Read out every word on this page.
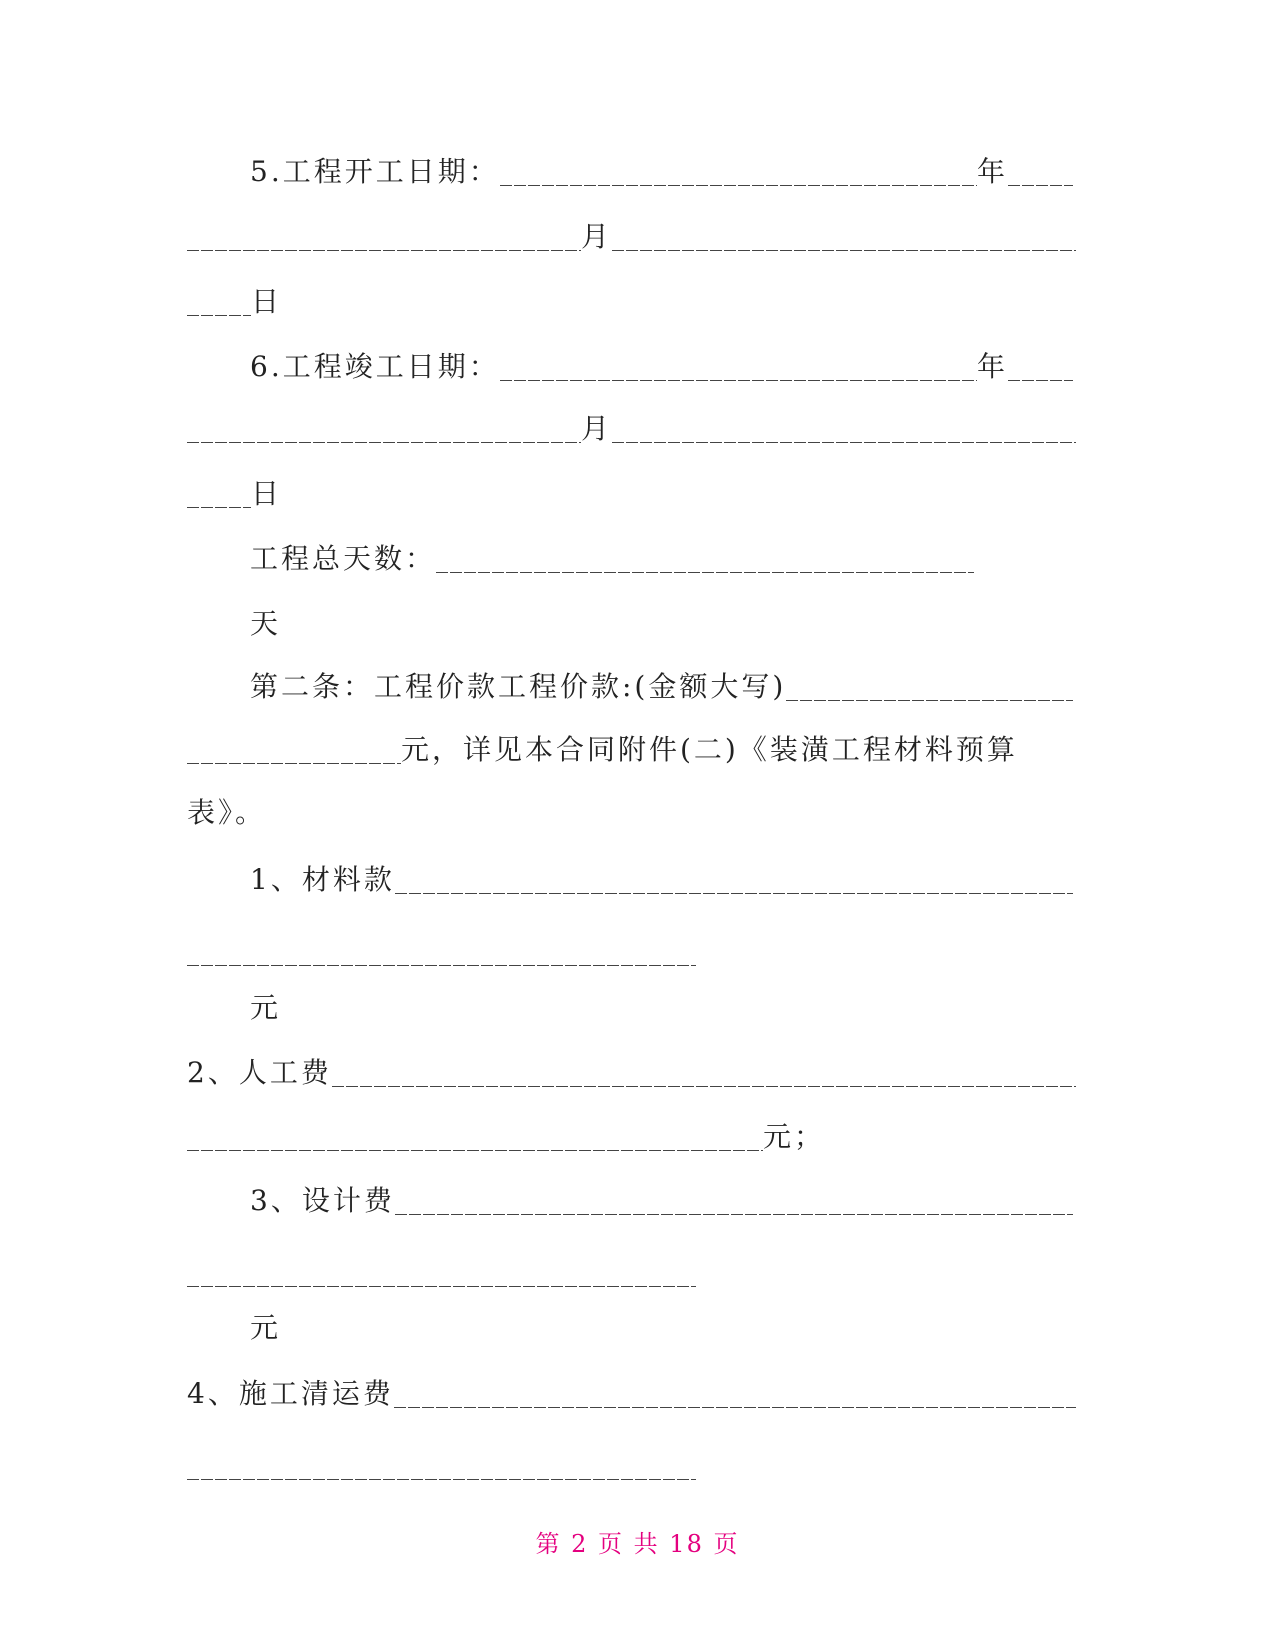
5.工程开工日期：	年
月
日
6.工程竣工日期：	年
月
日
工程总天数：
天
第二条：工程价款工程价款:(金额大写)
元，详见本合同附件(二)《装潢工程材料预算
表》。
1、材料款
元
2、人工费
元；
3、设计费
元
4、施工清运费
第 2 页 共 18 页
